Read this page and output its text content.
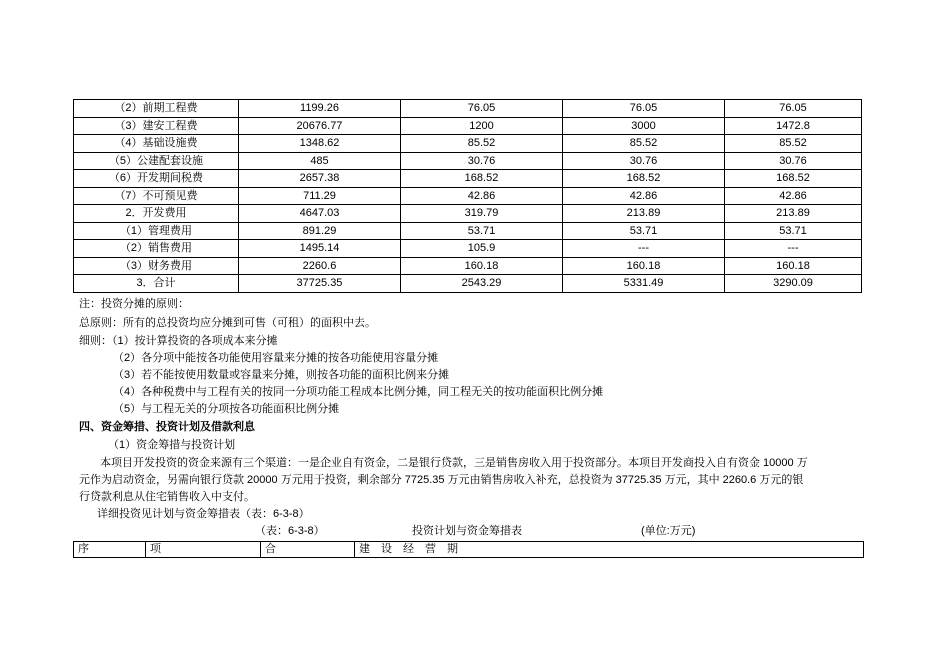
（2）前期工程费	1199.26	76.05	76.05	76.05
（3）建安工程费	20676.77	1200	3000	1472.8
（4）基础设施费	1348.62	85.52	85.52	85.52
（5）公建配套设施	485	30.76	30.76	30.76
（6）开发期间税费	2657.38	168.52	168.52	168.52
（7）不可预见费	711.29	42.86	42.86	42.86
2．开发费用	4647.03	319.79	213.89	213.89
（1）管理费用	891.29	53.71	53.71	53.71
（2）销售费用	1495.14	105.9	---	---
（3）财务费用	2260.6	160.18	160.18	160.18
3．合计	37725.35	2543.29	5331.49	3290.09
注：投资分摊的原则：
总原则：所有的总投资均应分摊到可售（可租）的面积中去。
细则：（1）按计算投资的各项成本来分摊
（2）各分项中能按各功能使用容量来分摊的按各功能使用容量分摊
（3）若不能按使用数量或容量来分摊，则按各功能的面积比例来分摊
（4）各种税费中与工程有关的按同一分项功能工程成本比例分摊，同工程无关的按功能面积比例分摊
（5）与工程无关的分项按各功能面积比例分摊
四、资金筹措、投资计划及借款利息
（1）资金筹措与投资计划
本项目开发投资的资金来源有三个渠道：一是企业自有资金，二是银行贷款，三是销售房收入用于投资部分。本项目开发商投入自有资金 10000 万
元作为启动资金，另需向银行贷款 20000 万元用于投资，剩余部分 7725.35 万元由销售房收入补充，总投资为 37725.35 万元，其中 2260.6 万元的银
行贷款利息从住宅销售收入中支付。
详细投资见计划与资金筹措表（表：6-3-8）
（表：6-3-8）	投资计划与资金筹措表	(单位:万元)
序	项	合	建　设　经　营　期
